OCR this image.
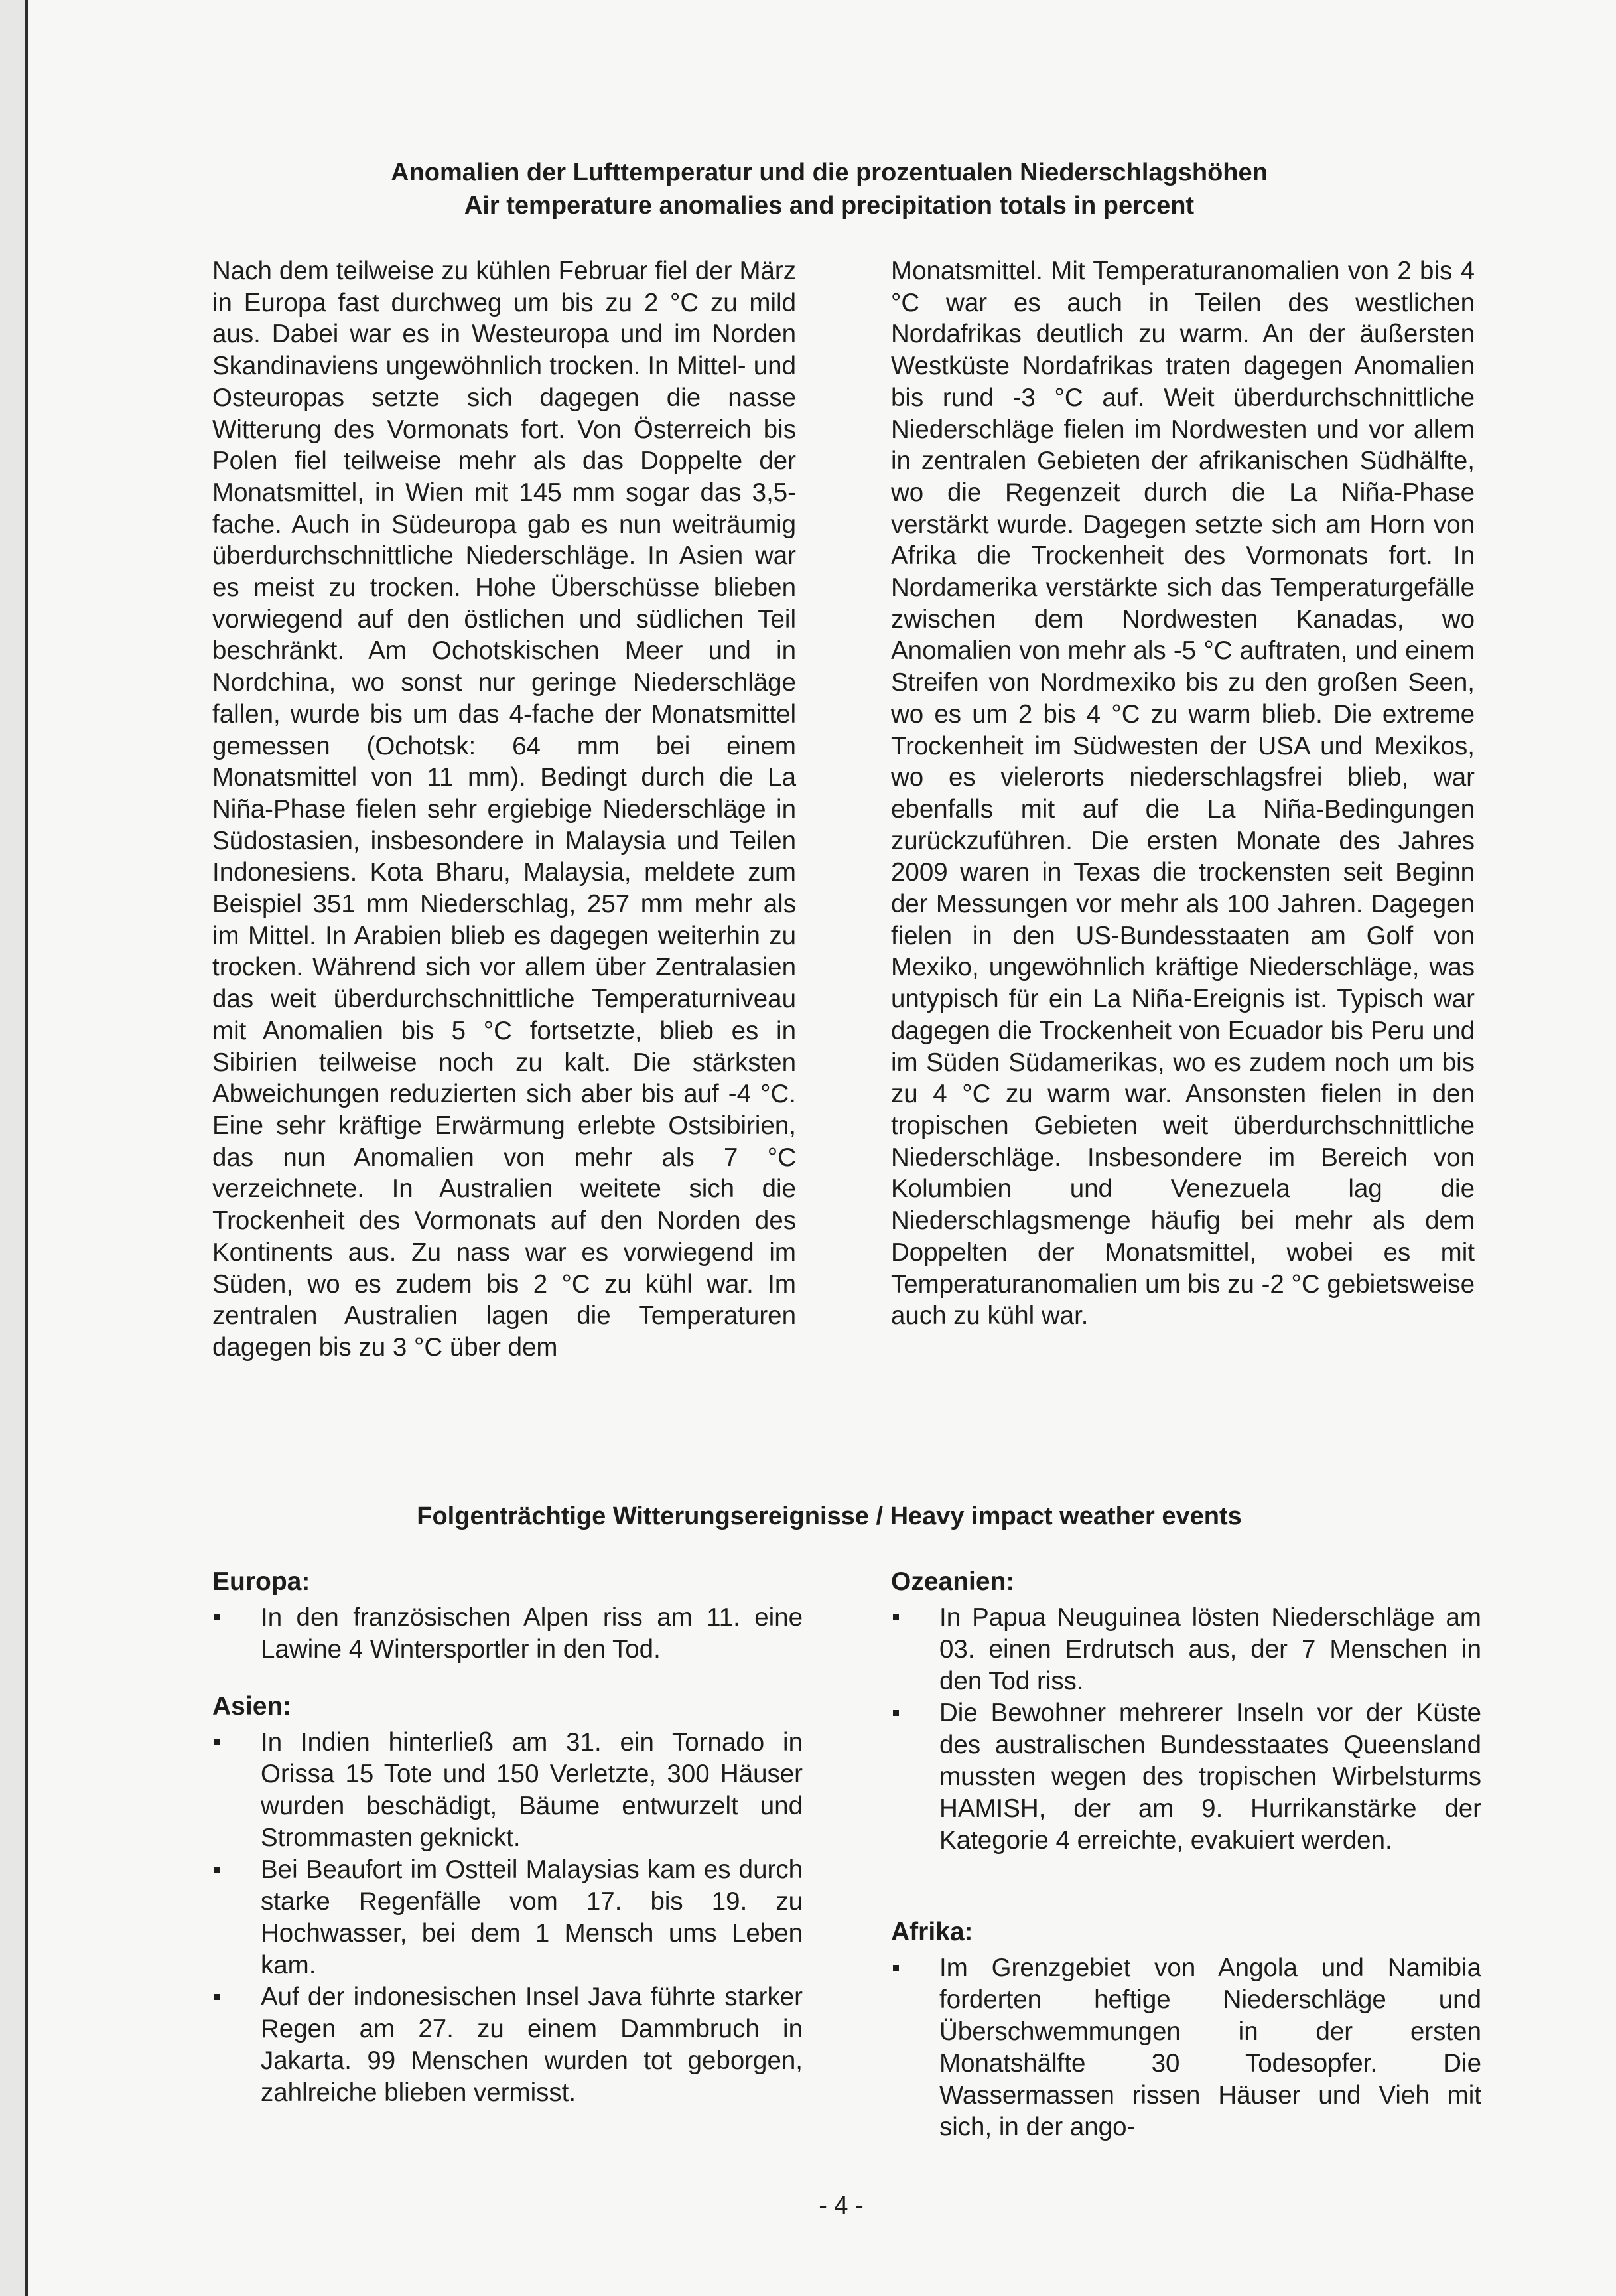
Anomalien der Lufttemperatur und die prozentualen Niederschlagshöhen
Air temperature anomalies and precipitation totals in percent
Nach dem teilweise zu kühlen Februar fiel der März in Europa fast durchweg um bis zu 2 °C zu mild aus. Dabei war es in Westeuropa und im Norden Skandinaviens ungewöhnlich trocken. In Mittel- und Osteuropas setzte sich dagegen die nasse Witterung des Vormonats fort. Von Österreich bis Polen fiel teilweise mehr als das Doppelte der Monatsmittel, in Wien mit 145 mm sogar das 3,5-fache. Auch in Südeuropa gab es nun weiträumig überdurchschnittliche Niederschläge. In Asien war es meist zu trocken. Hohe Überschüsse blieben vorwiegend auf den östlichen und südlichen Teil beschränkt. Am Ochotskischen Meer und in Nordchina, wo sonst nur geringe Niederschläge fallen, wurde bis um das 4-fache der Monatsmittel gemessen (Ochotsk: 64 mm bei einem Monatsmittel von 11 mm). Bedingt durch die La Niña-Phase fielen sehr ergiebige Niederschläge in Südostasien, insbesondere in Malaysia und Teilen Indonesiens. Kota Bharu, Malaysia, meldete zum Beispiel 351 mm Niederschlag, 257 mm mehr als im Mittel. In Arabien blieb es dagegen weiterhin zu trocken. Während sich vor allem über Zentralasien das weit überdurchschnittliche Temperaturniveau mit Anomalien bis 5 °C fortsetzte, blieb es in Sibirien teilweise noch zu kalt. Die stärksten Abweichungen reduzierten sich aber bis auf -4 °C. Eine sehr kräftige Erwärmung erlebte Ostsibirien, das nun Anomalien von mehr als 7 °C verzeichnete. In Australien weitete sich die Trockenheit des Vormonats auf den Norden des Kontinents aus. Zu nass war es vorwiegend im Süden, wo es zudem bis 2 °C zu kühl war. Im zentralen Australien lagen die Temperaturen dagegen bis zu 3 °C über dem
Monatsmittel. Mit Temperaturanomalien von 2 bis 4 °C war es auch in Teilen des westlichen Nordafrikas deutlich zu warm. An der äußersten Westküste Nordafrikas traten dagegen Anomalien bis rund -3 °C auf. Weit überdurchschnittliche Niederschläge fielen im Nordwesten und vor allem in zentralen Gebieten der afrikanischen Südhälfte, wo die Regenzeit durch die La Niña-Phase verstärkt wurde. Dagegen setzte sich am Horn von Afrika die Trockenheit des Vormonats fort. In Nordamerika verstärkte sich das Temperaturgefälle zwischen dem Nordwesten Kanadas, wo Anomalien von mehr als -5 °C auftraten, und einem Streifen von Nordmexiko bis zu den großen Seen, wo es um 2 bis 4 °C zu warm blieb. Die extreme Trockenheit im Südwesten der USA und Mexikos, wo es vielerorts niederschlagsfrei blieb, war ebenfalls mit auf die La Niña-Bedingungen zurückzuführen. Die ersten Monate des Jahres 2009 waren in Texas die trockensten seit Beginn der Messungen vor mehr als 100 Jahren. Dagegen fielen in den US-Bundesstaaten am Golf von Mexiko, ungewöhnlich kräftige Niederschläge, was untypisch für ein La Niña-Ereignis ist. Typisch war dagegen die Trockenheit von Ecuador bis Peru und im Süden Südamerikas, wo es zudem noch um bis zu 4 °C zu warm war. Ansonsten fielen in den tropischen Gebieten weit überdurchschnittliche Niederschläge. Insbesondere im Bereich von Kolumbien und Venezuela lag die Niederschlagsmenge häufig bei mehr als dem Doppelten der Monatsmittel, wobei es mit Temperaturanomalien um bis zu -2 °C gebietsweise auch zu kühl war.
Folgenträchtige Witterungsereignisse / Heavy impact weather events
Europa:
In den französischen Alpen riss am 11. eine Lawine 4 Wintersportler in den Tod.
Asien:
In Indien hinterließ am 31. ein Tornado in Orissa 15 Tote und 150 Verletzte, 300 Häuser wurden beschädigt, Bäume entwurzelt und Strommasten geknickt.
Bei Beaufort im Ostteil Malaysias kam es durch starke Regenfälle vom 17. bis 19. zu Hochwasser, bei dem 1 Mensch ums Leben kam.
Auf der indonesischen Insel Java führte starker Regen am 27. zu einem Dammbruch in Jakarta. 99 Menschen wurden tot geborgen, zahlreiche blieben vermisst.
Ozeanien:
In Papua Neuguinea lösten Niederschläge am 03. einen Erdrutsch aus, der 7 Menschen in den Tod riss.
Die Bewohner mehrerer Inseln vor der Küste des australischen Bundesstaates Queensland mussten wegen des tropischen Wirbelsturms HAMISH, der am 9. Hurrikanstärke der Kategorie 4 erreichte, evakuiert werden.
Afrika:
Im Grenzgebiet von Angola und Namibia forderten heftige Niederschläge und Überschwemmungen in der ersten Monatshälfte 30 Todesopfer. Die Wassermassen rissen Häuser und Vieh mit sich, in der ango-
- 4 -
